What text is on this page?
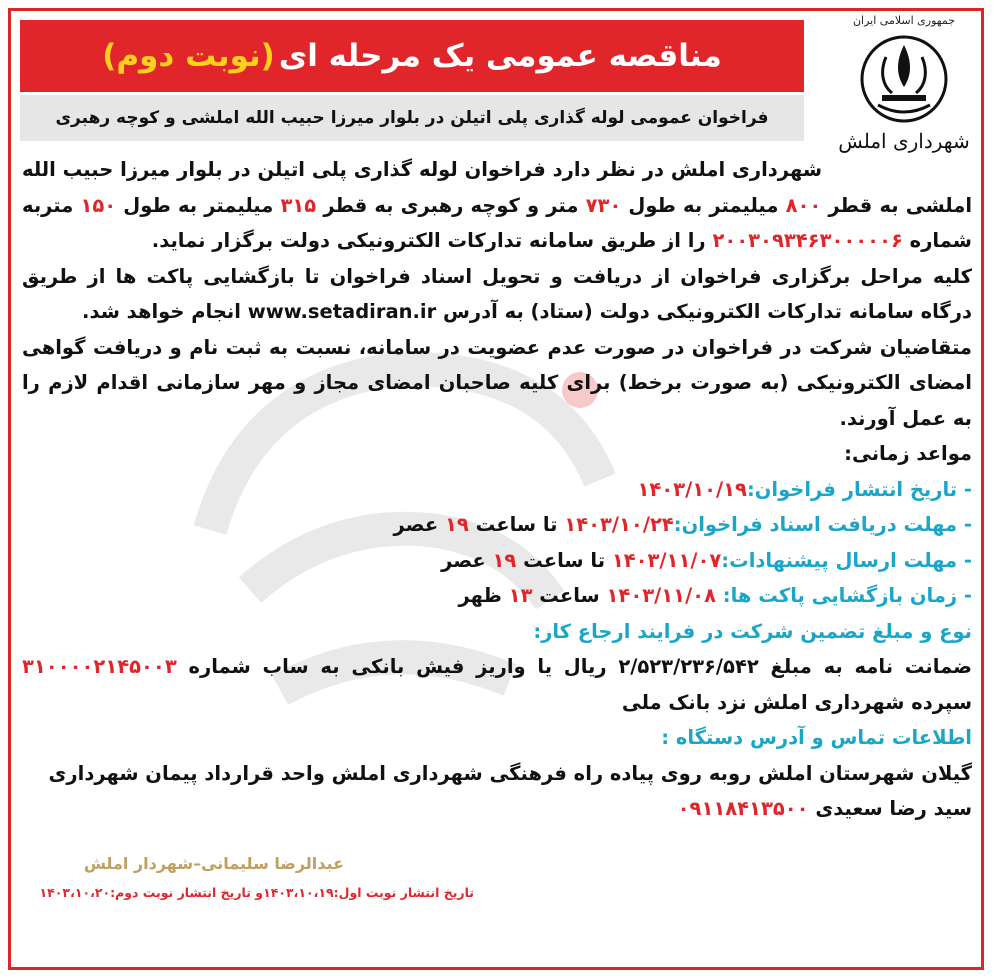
جمهوری اسلامی ایران
شهرداری املش
مناقصه عمومی یک مرحله ای
(نوبت دوم)
فراخوان عمومی لوله گذاری پلی اتیلن در بلوار میرزا حبیب الله املشی و کوچه رهبری

شهرداری املش در نظر دارد فراخوان لوله گذاری پلی اتیلن در بلوار میرزا حبیب الله املشی به قطر ۸۰۰ میلیمتر به طول ۷۳۰ متر و کوچه رهبری به قطر ۳۱۵ میلیمتر به طول ۱۵۰ متربه شماره ۲۰۰۳۰۹۳۴۶۳۰۰۰۰۰۶ را از طریق سامانه تدارکات الکترونیکی دولت برگزار نماید.

کلیه مراحل برگزاری فراخوان از دریافت و تحویل اسناد فراخوان تا بازگشایی پاکت ها از طریق درگاه سامانه تدارکات الکترونیکی دولت (ستاد) به آدرس www.setadiran.ir انجام خواهد شد.

متقاضیان شرکت در فراخوان در صورت عدم عضویت در سامانه، نسبت به ثبت نام و دریافت گواهی امضای الکترونیکی (به صورت برخط) برای کلیه صاحبان امضای مجاز و مهر سازمانی اقدام لازم را به عمل آورند.

مواعد زمانی:

- تاریخ انتشار فراخوان:۱۴۰۳/۱۰/۱۹

- مهلت دریافت اسناد فراخوان:۱۴۰۳/۱۰/۲۴ تا ساعت ۱۹ عصر

- مهلت ارسال پیشنهادات:۱۴۰۳/۱۱/۰۷ تا ساعت ۱۹ عصر

- زمان بازگشایی پاکت ها: ۱۴۰۳/۱۱/۰۸ ساعت ۱۳ ظهر

نوع و مبلغ تضمین شرکت در فرایند ارجاع کار:

ضمانت نامه به مبلغ ۲/۵۲۳/۲۳۶/۵۴۲ ریال یا واریز فیش بانکی به ساب شماره ۳۱۰۰۰۰۲۱۴۵۰۰۳ سپرده شهرداری املش نزد بانک ملی

اطلاعات تماس و آدرس دستگاه :

گیلان شهرستان املش روبه روی پیاده راه فرهنگی شهرداری املش واحد قرارداد پیمان شهرداری

سید رضا سعیدی ۰۹۱۱۸۴۱۳۵۰۰

عبدالرضا سلیمانی–شهردار املش
تاریخ انتشار نوبت اول:۱۴۰۳،۱۰،۱۹و تاریخ انتشار نوبت دوم:۱۴۰۳،۱۰،۲۰
